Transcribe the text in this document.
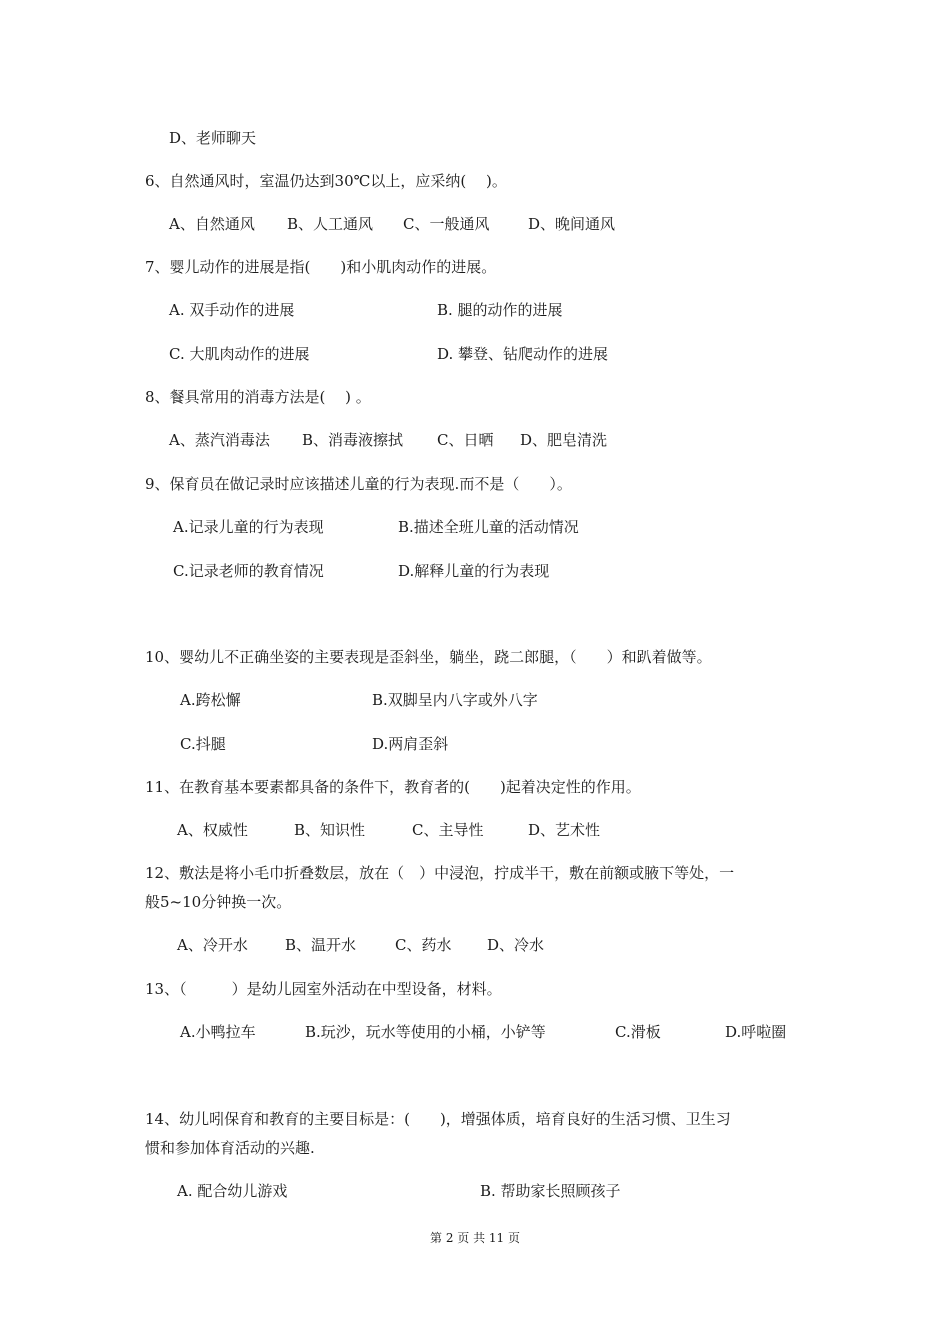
D、老师聊天
6、自然通风时，室温仍达到30℃以上，应采纳(　 )。
A、自然通风 B、人工通风 C、一般通风	D、晚间通风
7、婴儿动作的进展是指(　　)和小肌肉动作的进展。
A. 双手动作的进展	B. 腿的动作的进展
C. 大肌肉动作的进展	D. 攀登、钻爬动作的进展
8、餐具常用的消毒方法是(　 ) 。
A、蒸汽消毒法 B、消毒液擦拭 C、日晒 D、肥皂清洗
9、保育员在做记录时应该描述儿童的行为表现.而不是（　　）。
A.记录儿童的行为表现	B.描述全班儿童的活动情况
C.记录老师的教育情况	D.解释儿童的行为表现
10、婴幼儿不正确坐姿的主要表现是歪斜坐，躺坐，跷二郎腿，（　　）和趴着做等。
A.跨松懈	B.双脚呈内八字或外八字
C.抖腿	D.两肩歪斜
11、在教育基本要素都具备的条件下，教育者的(　　)起着决定性的作用。
A、权威性	B、知识性	C、主导性	D、艺术性
12、敷法是将小毛巾折叠数层，放在（　）中浸泡，拧成半干，敷在前额或腋下等处，一
般5~10分钟换一次。
A、冷开水 B、温开水	C、药水 D、冷水
13、（　　　）是幼儿园室外活动在中型设备，材料。
A.小鸭拉车	B.玩沙，玩水等使用的小桶，小铲等	C.滑板	D.呼啦圈
14、幼儿吲保育和教育的主要目标是：(　　)，增强体质，培育良好的生活习惯、卫生习
惯和参加体育活动的兴趣.
A. 配合幼儿游戏	B. 帮助家长照顾孩子
第 2 页 共 11 页
